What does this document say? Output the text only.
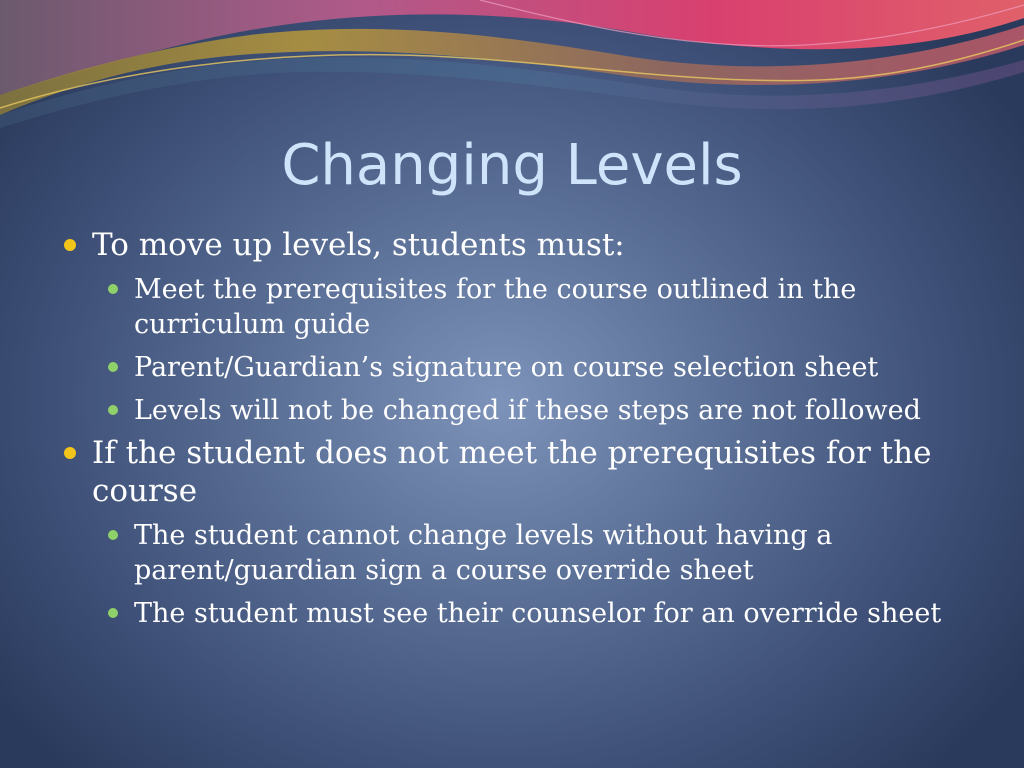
Changing Levels
To move up levels, students must:
Meet the prerequisites for the course outlined in the curriculum guide
Parent/Guardian’s signature on course selection sheet
Levels will not be changed if these steps are not followed
If the student does not meet the prerequisites for the course
The student cannot change levels without having a parent/guardian sign a course override sheet
The student must see their counselor for an override sheet
